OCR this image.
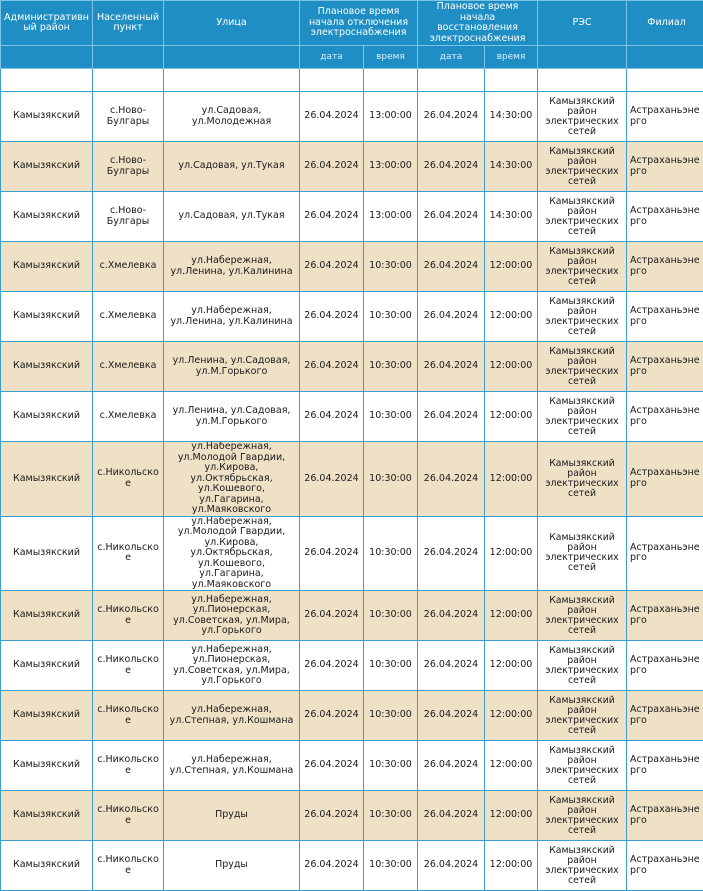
Административный район	Населенный пункт	Улица	Плановое время начала отключения электроснабжения		Плановое время начала восстановления электроснабжения		РЭС	Филиал
			дата	время	дата	время		

Камызякский	с.Ново-Булгары	ул.Садовая, ул.Молодежная	26.04.2024	13:00:00	26.04.2024	14:30:00	Камызякский район электрических сетей	Астраханьэнерго
Камызякский	с.Ново-Булгары	ул.Садовая, ул.Тукая	26.04.2024	13:00:00	26.04.2024	14:30:00	Камызякский район электрических сетей	Астраханьэнерго
Камызякский	с.Ново-Булгары	ул.Садовая, ул.Тукая	26.04.2024	13:00:00	26.04.2024	14:30:00	Камызякский район электрических сетей	Астраханьэнерго
Камызякский	с.Хмелевка	ул.Набережная, ул.Ленина, ул.Калинина	26.04.2024	10:30:00	26.04.2024	12:00:00	Камызякский район электрических сетей	Астраханьэнерго
Камызякский	с.Хмелевка	ул.Набережная, ул.Ленина, ул.Калинина	26.04.2024	10:30:00	26.04.2024	12:00:00	Камызякский район электрических сетей	Астраханьэнерго
Камызякский	с.Хмелевка	ул.Ленина, ул.Садовая, ул.М.Горького	26.04.2024	10:30:00	26.04.2024	12:00:00	Камызякский район электрических сетей	Астраханьэнерго
Камызякский	с.Хмелевка	ул.Ленина, ул.Садовая, ул.М.Горького	26.04.2024	10:30:00	26.04.2024	12:00:00	Камызякский район электрических сетей	Астраханьэнерго
Камызякский	с.Никольское	ул.Набережная, ул.Молодой Гвардии, ул.Кирова, ул.Октябрьская, ул.Кошевого, ул.Гагарина, ул.Маяковского	26.04.2024	10:30:00	26.04.2024	12:00:00	Камызякский район электрических сетей	Астраханьэнерго
Камызякский	с.Никольское	ул.Набережная, ул.Молодой Гвардии, ул.Кирова, ул.Октябрьская, ул.Кошевого, ул.Гагарина, ул.Маяковского	26.04.2024	10:30:00	26.04.2024	12:00:00	Камызякский район электрических сетей	Астраханьэнерго
Камызякский	с.Никольское	ул.Набережная, ул.Пионерская, ул.Советская, ул.Мира, ул.Горького	26.04.2024	10:30:00	26.04.2024	12:00:00	Камызякский район электрических сетей	Астраханьэнерго
Камызякский	с.Никольское	ул.Набережная, ул.Пионерская, ул.Советская, ул.Мира, ул.Горького	26.04.2024	10:30:00	26.04.2024	12:00:00	Камызякский район электрических сетей	Астраханьэнерго
Камызякский	с.Никольское	ул.Набережная, ул.Степная, ул.Кошмана	26.04.2024	10:30:00	26.04.2024	12:00:00	Камызякский район электрических сетей	Астраханьэнерго
Камызякский	с.Никольское	ул.Набережная, ул.Степная, ул.Кошмана	26.04.2024	10:30:00	26.04.2024	12:00:00	Камызякский район электрических сетей	Астраханьэнерго
Камызякский	с.Никольское	Пруды	26.04.2024	10:30:00	26.04.2024	12:00:00	Камызякский район электрических сетей	Астраханьэнерго
Камызякский	с.Никольское	Пруды	26.04.2024	10:30:00	26.04.2024	12:00:00	Камызякский район электрических сетей	Астраханьэнерго
